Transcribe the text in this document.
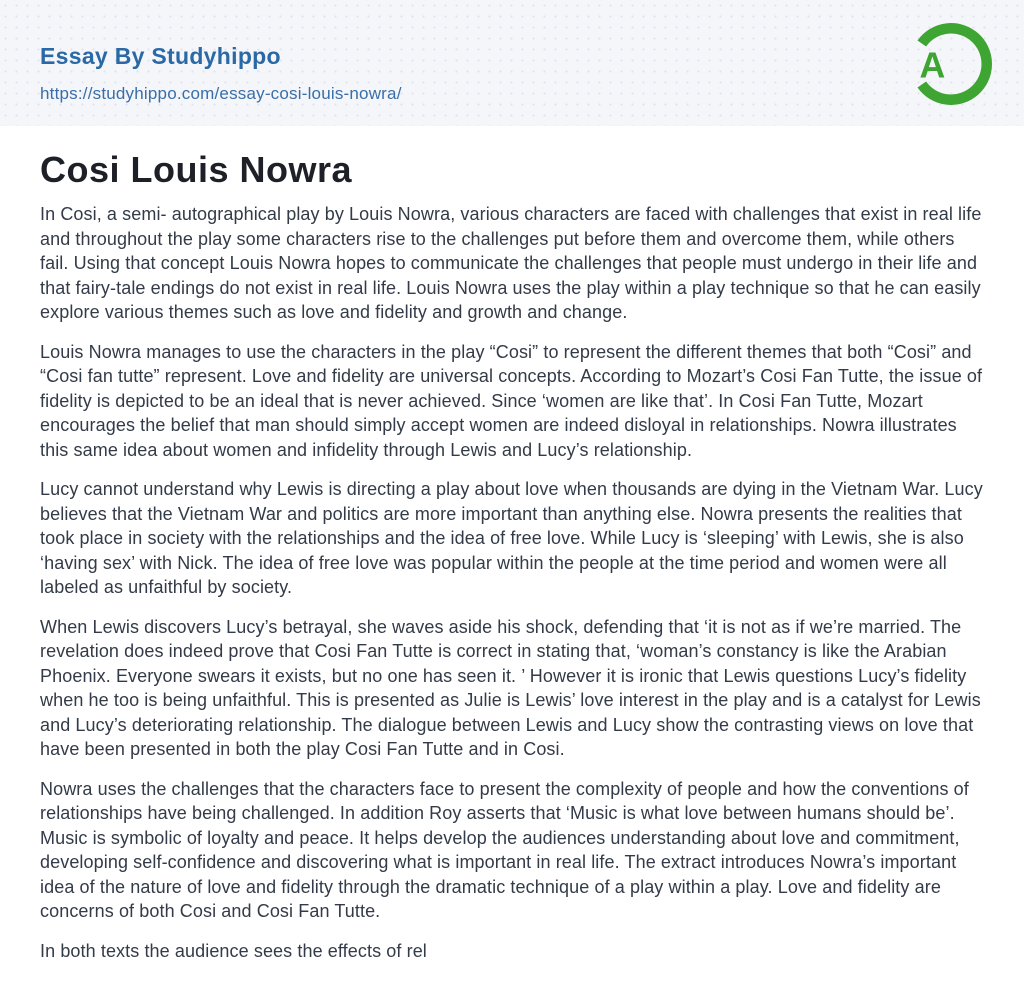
Essay By Studyhippo
https://studyhippo.com/essay-cosi-louis-nowra/
A
Cosi Louis Nowra

In Cosi, a semi- autographical play by Louis Nowra, various characters are faced with challenges that exist in real life and throughout the play some characters rise to the challenges put before them and overcome them, while others fail. Using that concept Louis Nowra hopes to communicate the challenges that people must undergo in their life and that fairy-tale endings do not exist in real life. Louis Nowra uses the play within a play technique so that he can easily explore various themes such as love and fidelity and growth and change.

Louis Nowra manages to use the characters in the play “Cosi” to represent the different themes that both “Cosi” and “Cosi fan tutte” represent. Love and fidelity are universal concepts. According to Mozart’s Cosi Fan Tutte, the issue of fidelity is depicted to be an ideal that is never achieved. Since ‘women are like that’. In Cosi Fan Tutte, Mozart encourages the belief that man should simply accept women are indeed disloyal in relationships. Nowra illustrates this same idea about women and infidelity through Lewis and Lucy’s relationship.

Lucy cannot understand why Lewis is directing a play about love when thousands are dying in the Vietnam War. Lucy believes that the Vietnam War and politics are more important than anything else. Nowra presents the realities that took place in society with the relationships and the idea of free love. While Lucy is ‘sleeping’ with Lewis, she is also ‘having sex’ with Nick. The idea of free love was popular within the people at the time period and women were all labeled as unfaithful by society.

When Lewis discovers Lucy’s betrayal, she waves aside his shock, defending that ‘it is not as if we’re married. The revelation does indeed prove that Cosi Fan Tutte is correct in stating that, ‘woman’s constancy is like the Arabian Phoenix. Everyone swears it exists, but no one has seen it. ’ However it is ironic that Lewis questions Lucy’s fidelity when he too is being unfaithful. This is presented as Julie is Lewis’ love interest in the play and is a catalyst for Lewis and Lucy’s deteriorating relationship. The dialogue between Lewis and Lucy show the contrasting views on love that have been presented in both the play Cosi Fan Tutte and in Cosi.

Nowra uses the challenges that the characters face to present the complexity of people and how the conventions of relationships have being challenged. In addition Roy asserts that ‘Music is what love between humans should be’. Music is symbolic of loyalty and peace. It helps develop the audiences understanding about love and commitment, developing self-confidence and discovering what is important in real life. The extract introduces Nowra’s important idea of the nature of love and fidelity through the dramatic technique of a play within a play. Love and fidelity are concerns of both Cosi and Cosi Fan Tutte.

In both texts the audience sees the effects of rel
